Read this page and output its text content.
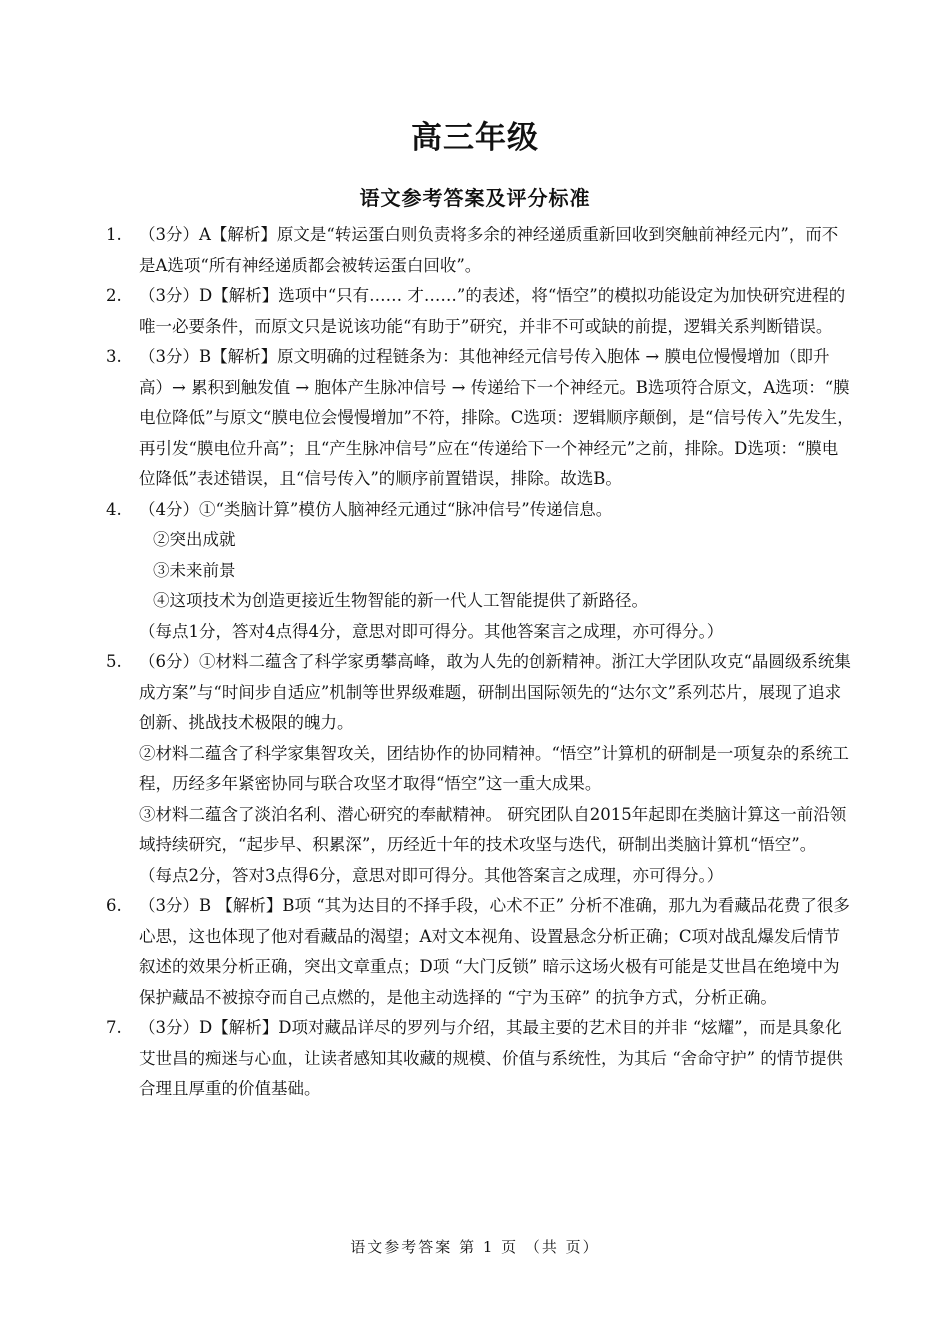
高三年级
语文参考答案及评分标准
1. （3分）A【解析】原文是“转运蛋白则负责将多余的神经递质重新回收到突触前神经元内”，而不是A选项“所有神经递质都会被转运蛋白回收”。
2. （3分）D【解析】选项中“只有…… 才……”的表述，将“悟空”的模拟功能设定为加快研究进程的唯一必要条件，而原文只是说该功能“有助于”研究，并非不可或缺的前提，逻辑关系判断错误。
3. （3分）B【解析】原文明确的过程链条为：其他神经元信号传入胞体 → 膜电位慢慢增加（即升高）→ 累积到触发值 → 胞体产生脉冲信号 → 传递给下一个神经元。B选项符合原文，A选项：“膜电位降低”与原文“膜电位会慢慢增加”不符，排除。C选项：逻辑顺序颠倒，是“信号传入”先发生，再引发“膜电位升高”；且“产生脉冲信号”应在“传递给下一个神经元”之前，排除。D选项：“膜电位降低”表述错误，且“信号传入”的顺序前置错误，排除。故选B。
4. （4分）①“类脑计算”模仿人脑神经元通过“脉冲信号”传递信息。
②突出成就
③未来前景
④这项技术为创造更接近生物智能的新一代人工智能提供了新路径。
（每点1分，答对4点得4分，意思对即可得分。其他答案言之成理，亦可得分。）
5. （6分）①材料二蕴含了科学家勇攀高峰，敢为人先的创新精神。浙江大学团队攻克“晶圆级系统集成方案”与“时间步自适应”机制等世界级难题，研制出国际领先的“达尔文”系列芯片，展现了追求创新、挑战技术极限的魄力。
②材料二蕴含了科学家集智攻关，团结协作的协同精神。“悟空”计算机的研制是一项复杂的系统工程，历经多年紧密协同与联合攻坚才取得“悟空”这一重大成果。
③材料二蕴含了淡泊名利、潜心研究的奉献精神。 研究团队自2015年起即在类脑计算这一前沿领域持续研究，“起步早、积累深”，历经近十年的技术攻坚与迭代，研制出类脑计算机“悟空”。
（每点2分，答对3点得6分，意思对即可得分。其他答案言之成理，亦可得分。）
6. （3分）B 【解析】B项 “其为达目的不择手段，心术不正” 分析不准确，那九为看藏品花费了很多心思，这也体现了他对看藏品的渴望；A对文本视角、设置悬念分析正确；C项对战乱爆发后情节叙述的效果分析正确，突出文章重点；D项 “大门反锁” 暗示这场火极有可能是艾世昌在绝境中为保护藏品不被掠夺而自己点燃的，是他主动选择的 “宁为玉碎” 的抗争方式，分析正确。
7. （3分）D【解析】D项对藏品详尽的罗列与介绍，其最主要的艺术目的并非 “炫耀”，而是具象化艾世昌的痴迷与心血，让读者感知其收藏的规模、价值与系统性，为其后 “舍命守护” 的情节提供合理且厚重的价值基础。
语文参考答案 第 1 页 （共 页）
